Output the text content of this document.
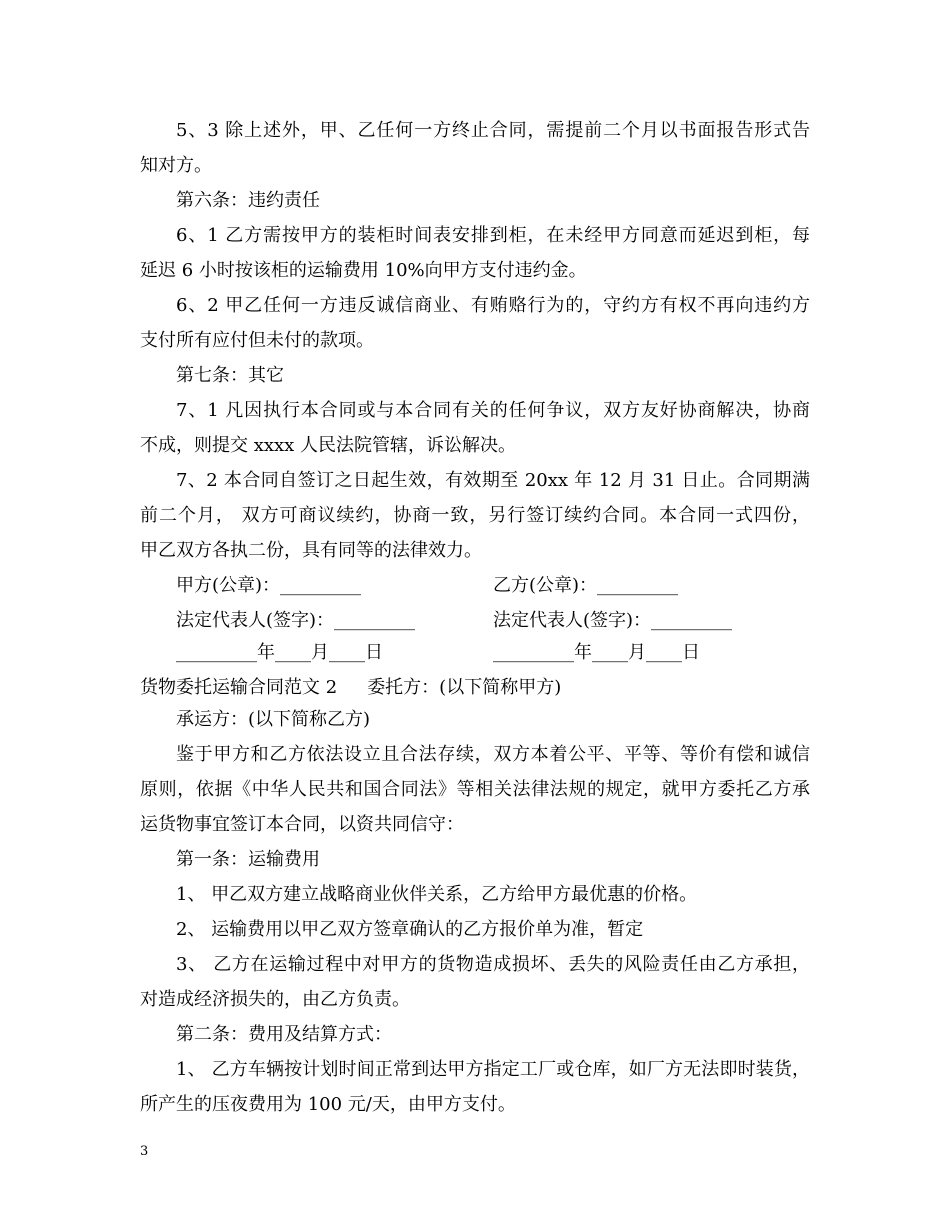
5、3 除上述外，甲、乙任何一方终止合同，需提前二个月以书面报告形式告
知对方。
第六条：违约责任
6、1 乙方需按甲方的装柜时间表安排到柜，在未经甲方同意而延迟到柜，每
延迟 6 小时按该柜的运输费用 10%向甲方支付违约金。
6、2 甲乙任何一方违反诚信商业、有贿赂行为的，守约方有权不再向违约方
支付所有应付但未付的款项。
第七条：其它
7、1 凡因执行本合同或与本合同有关的任何争议，双方友好协商解决，协商
不成，则提交 xxxx 人民法院管辖，诉讼解决。
7、2 本合同自签订之日起生效，有效期至 20xx 年 12 月 31 日止。合同期满
前二个月， 双方可商议续约，协商一致，另行签订续约合同。本合同一式四份，
甲乙双方各执二份，具有同等的法律效力。
甲方(公章)：_________	乙方(公章)：_________
法定代表人(签字)：_________	法定代表人(签字)：_________
_________年____月____日	_________年____月____日
货物委托运输合同范文 2 委托方：(以下简称甲方)
承运方：(以下简称乙方)
鉴于甲方和乙方依法设立且合法存续，双方本着公平、平等、等价有偿和诚信
原则，依据《中华人民共和国合同法》等相关法律法规的规定，就甲方委托乙方承
运货物事宜签订本合同，以资共同信守：
第一条：运输费用
1、 甲乙双方建立战略商业伙伴关系，乙方给甲方最优惠的价格。
2、 运输费用以甲乙双方签章确认的乙方报价单为准，暂定
3、 乙方在运输过程中对甲方的货物造成损坏、丢失的风险责任由乙方承担，
对造成经济损失的，由乙方负责。
第二条：费用及结算方式：
1、 乙方车辆按计划时间正常到达甲方指定工厂或仓库，如厂方无法即时装货，
所产生的压夜费用为 100 元/天，由甲方支付。
3
